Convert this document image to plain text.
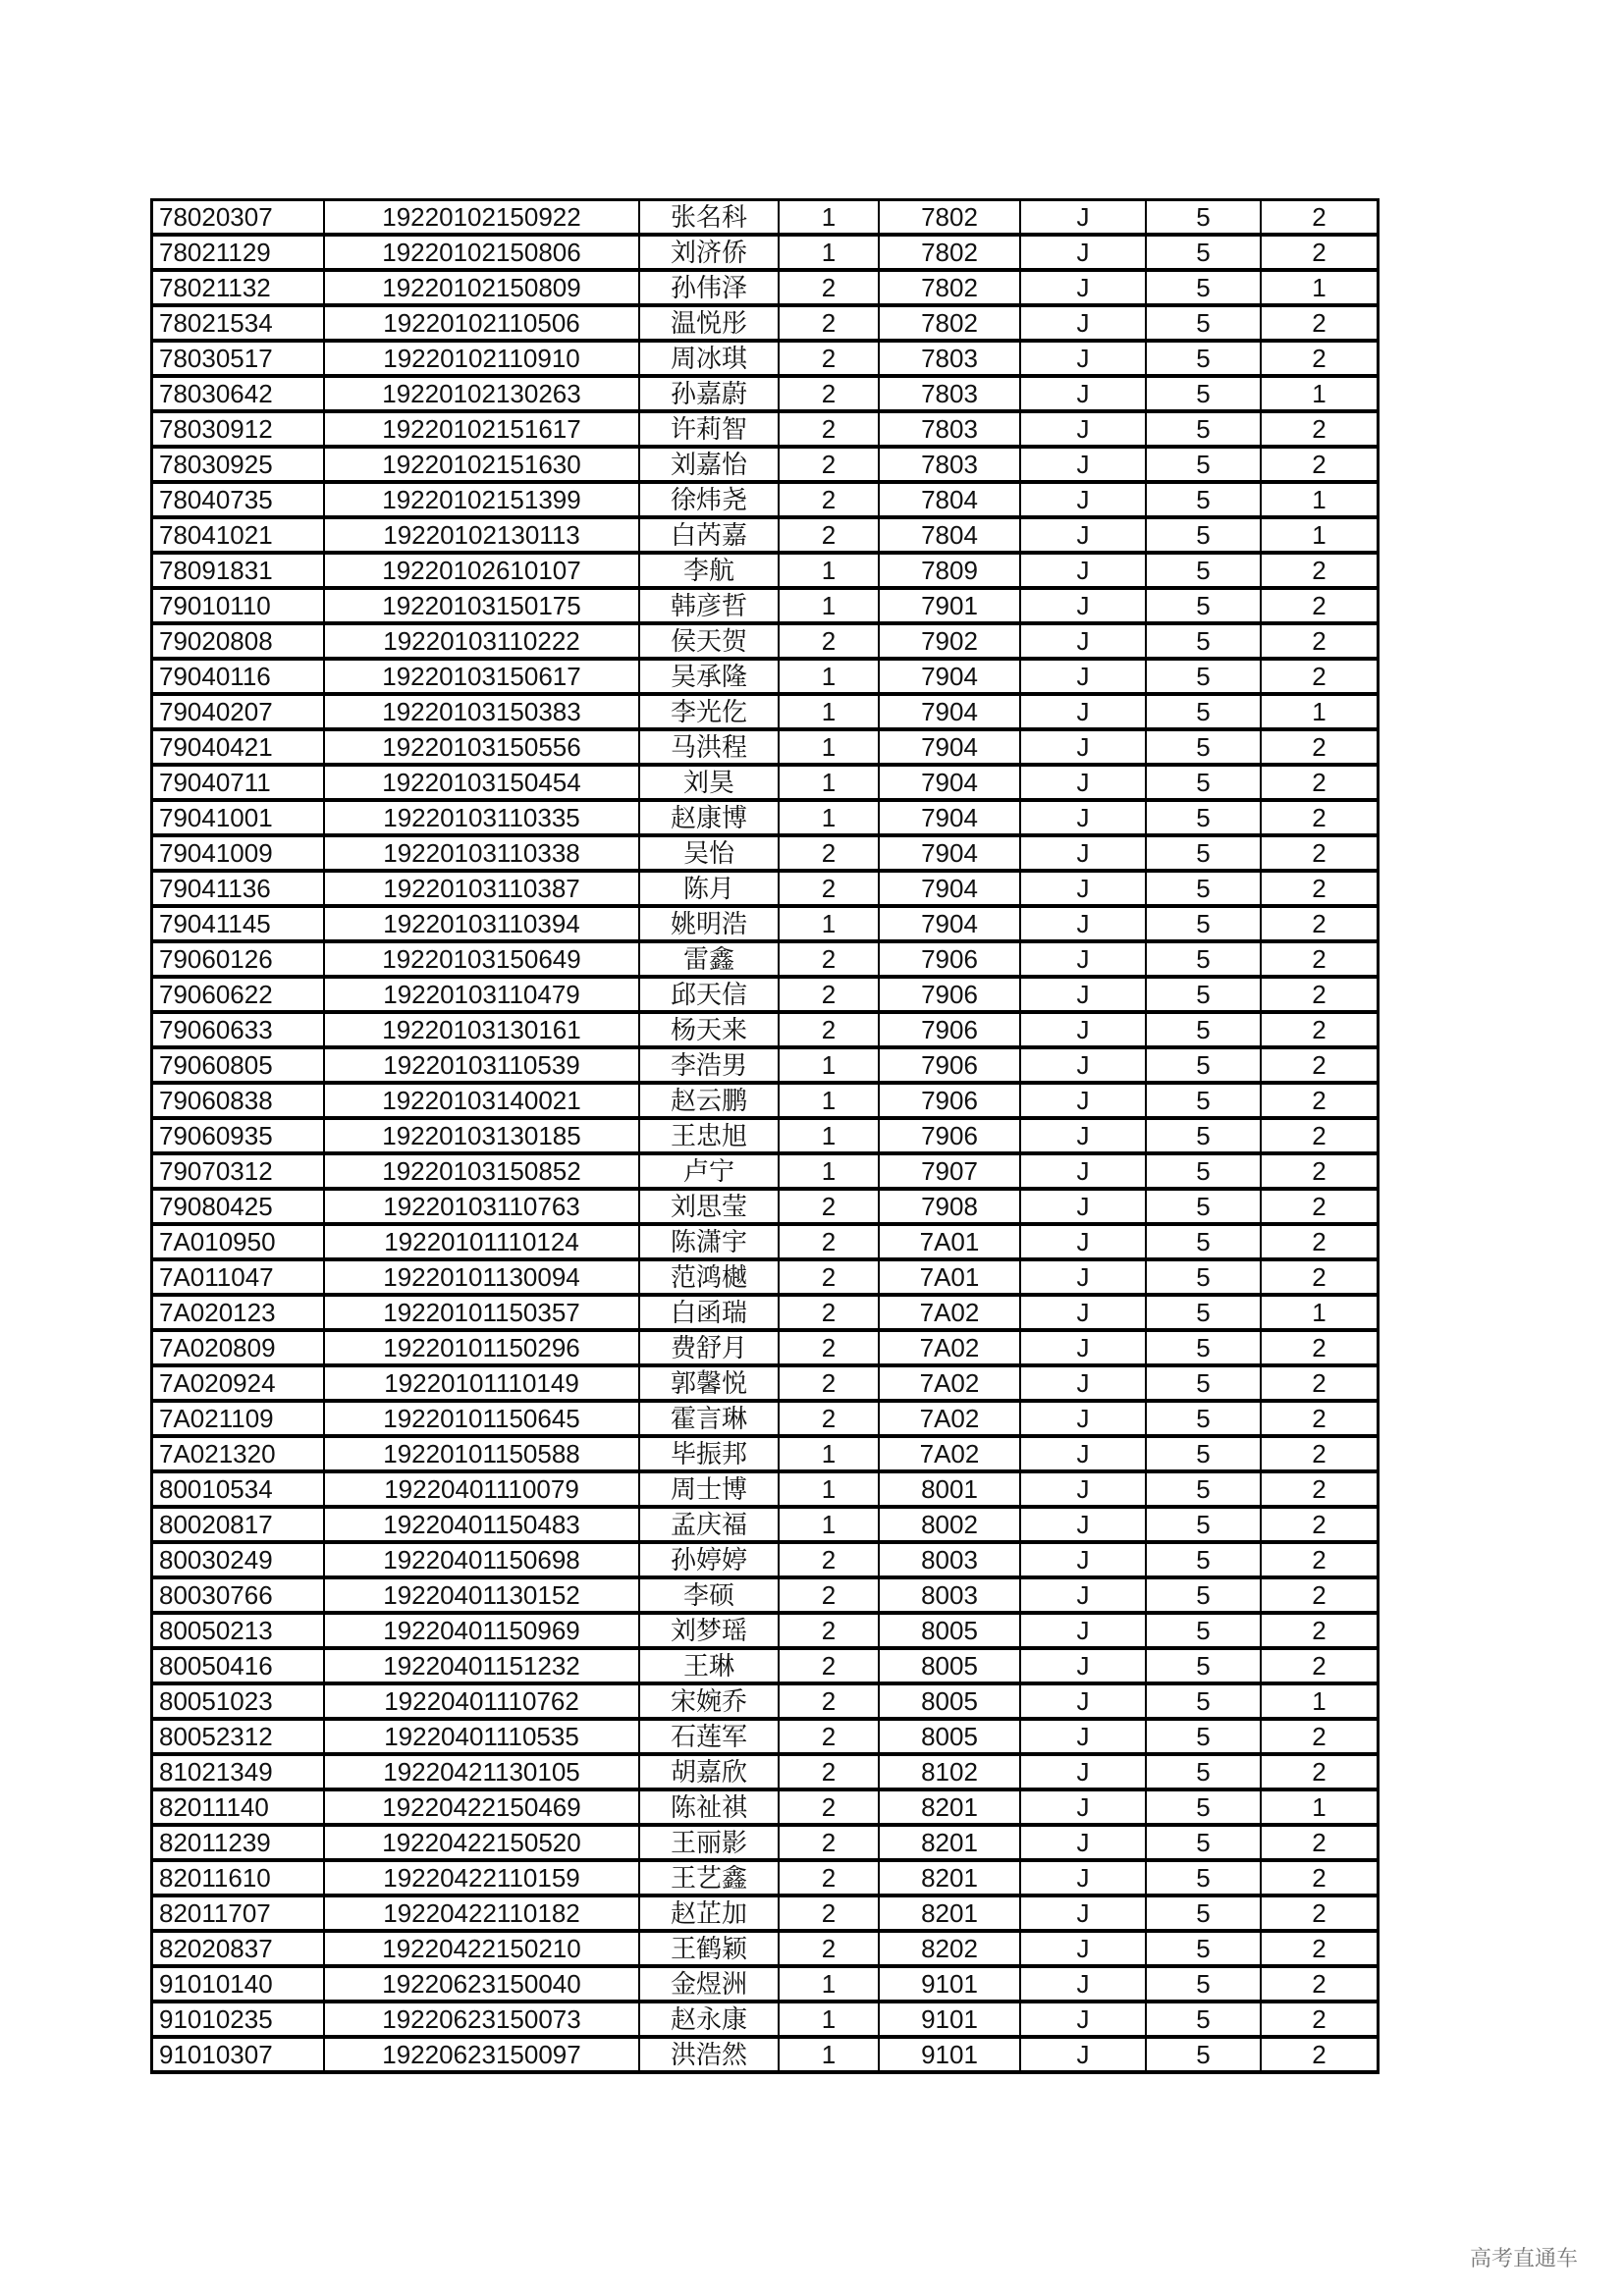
78020307	19220102150922	张名科	1	7802	J	5	2
78021129	19220102150806	刘济侨	1	7802	J	5	2
78021132	19220102150809	孙伟泽	2	7802	J	5	1
78021534	19220102110506	温悦彤	2	7802	J	5	2
78030517	19220102110910	周冰琪	2	7803	J	5	2
78030642	19220102130263	孙嘉蔚	2	7803	J	5	1
78030912	19220102151617	许莉智	2	7803	J	5	2
78030925	19220102151630	刘嘉怡	2	7803	J	5	2
78040735	19220102151399	徐炜尧	2	7804	J	5	1
78041021	19220102130113	白芮嘉	2	7804	J	5	1
78091831	19220102610107	李航	1	7809	J	5	2
79010110	19220103150175	韩彦哲	1	7901	J	5	2
79020808	19220103110222	侯天贺	2	7902	J	5	2
79040116	19220103150617	吴承隆	1	7904	J	5	2
79040207	19220103150383	李光仡	1	7904	J	5	1
79040421	19220103150556	马洪程	1	7904	J	5	2
79040711	19220103150454	刘昊	1	7904	J	5	2
79041001	19220103110335	赵康博	1	7904	J	5	2
79041009	19220103110338	吴怡	2	7904	J	5	2
79041136	19220103110387	陈月	2	7904	J	5	2
79041145	19220103110394	姚明浩	1	7904	J	5	2
79060126	19220103150649	雷鑫	2	7906	J	5	2
79060622	19220103110479	邱天信	2	7906	J	5	2
79060633	19220103130161	杨天来	2	7906	J	5	2
79060805	19220103110539	李浩男	1	7906	J	5	2
79060838	19220103140021	赵云鹏	1	7906	J	5	2
79060935	19220103130185	王忠旭	1	7906	J	5	2
79070312	19220103150852	卢宁	1	7907	J	5	2
79080425	19220103110763	刘思莹	2	7908	J	5	2
7A010950	19220101110124	陈潇宇	2	7A01	J	5	2
7A011047	19220101130094	范鸿樾	2	7A01	J	5	2
7A020123	19220101150357	白函瑞	2	7A02	J	5	1
7A020809	19220101150296	费舒月	2	7A02	J	5	2
7A020924	19220101110149	郭馨悦	2	7A02	J	5	2
7A021109	19220101150645	霍言琳	2	7A02	J	5	2
7A021320	19220101150588	毕振邦	1	7A02	J	5	2
80010534	19220401110079	周士博	1	8001	J	5	2
80020817	19220401150483	孟庆福	1	8002	J	5	2
80030249	19220401150698	孙婷婷	2	8003	J	5	2
80030766	19220401130152	李硕	2	8003	J	5	2
80050213	19220401150969	刘梦瑶	2	8005	J	5	2
80050416	19220401151232	王琳	2	8005	J	5	2
80051023	19220401110762	宋婉乔	2	8005	J	5	1
80052312	19220401110535	石莲军	2	8005	J	5	2
81021349	19220421130105	胡嘉欣	2	8102	J	5	2
82011140	19220422150469	陈祉祺	2	8201	J	5	1
82011239	19220422150520	王丽影	2	8201	J	5	2
82011610	19220422110159	王艺鑫	2	8201	J	5	2
82011707	19220422110182	赵芷加	2	8201	J	5	2
82020837	19220422150210	王鹤颖	2	8202	J	5	2
91010140	19220623150040	金煜洲	1	9101	J	5	2
91010235	19220623150073	赵永康	1	9101	J	5	2
91010307	19220623150097	洪浩然	1	9101	J	5	2
高考直通车
